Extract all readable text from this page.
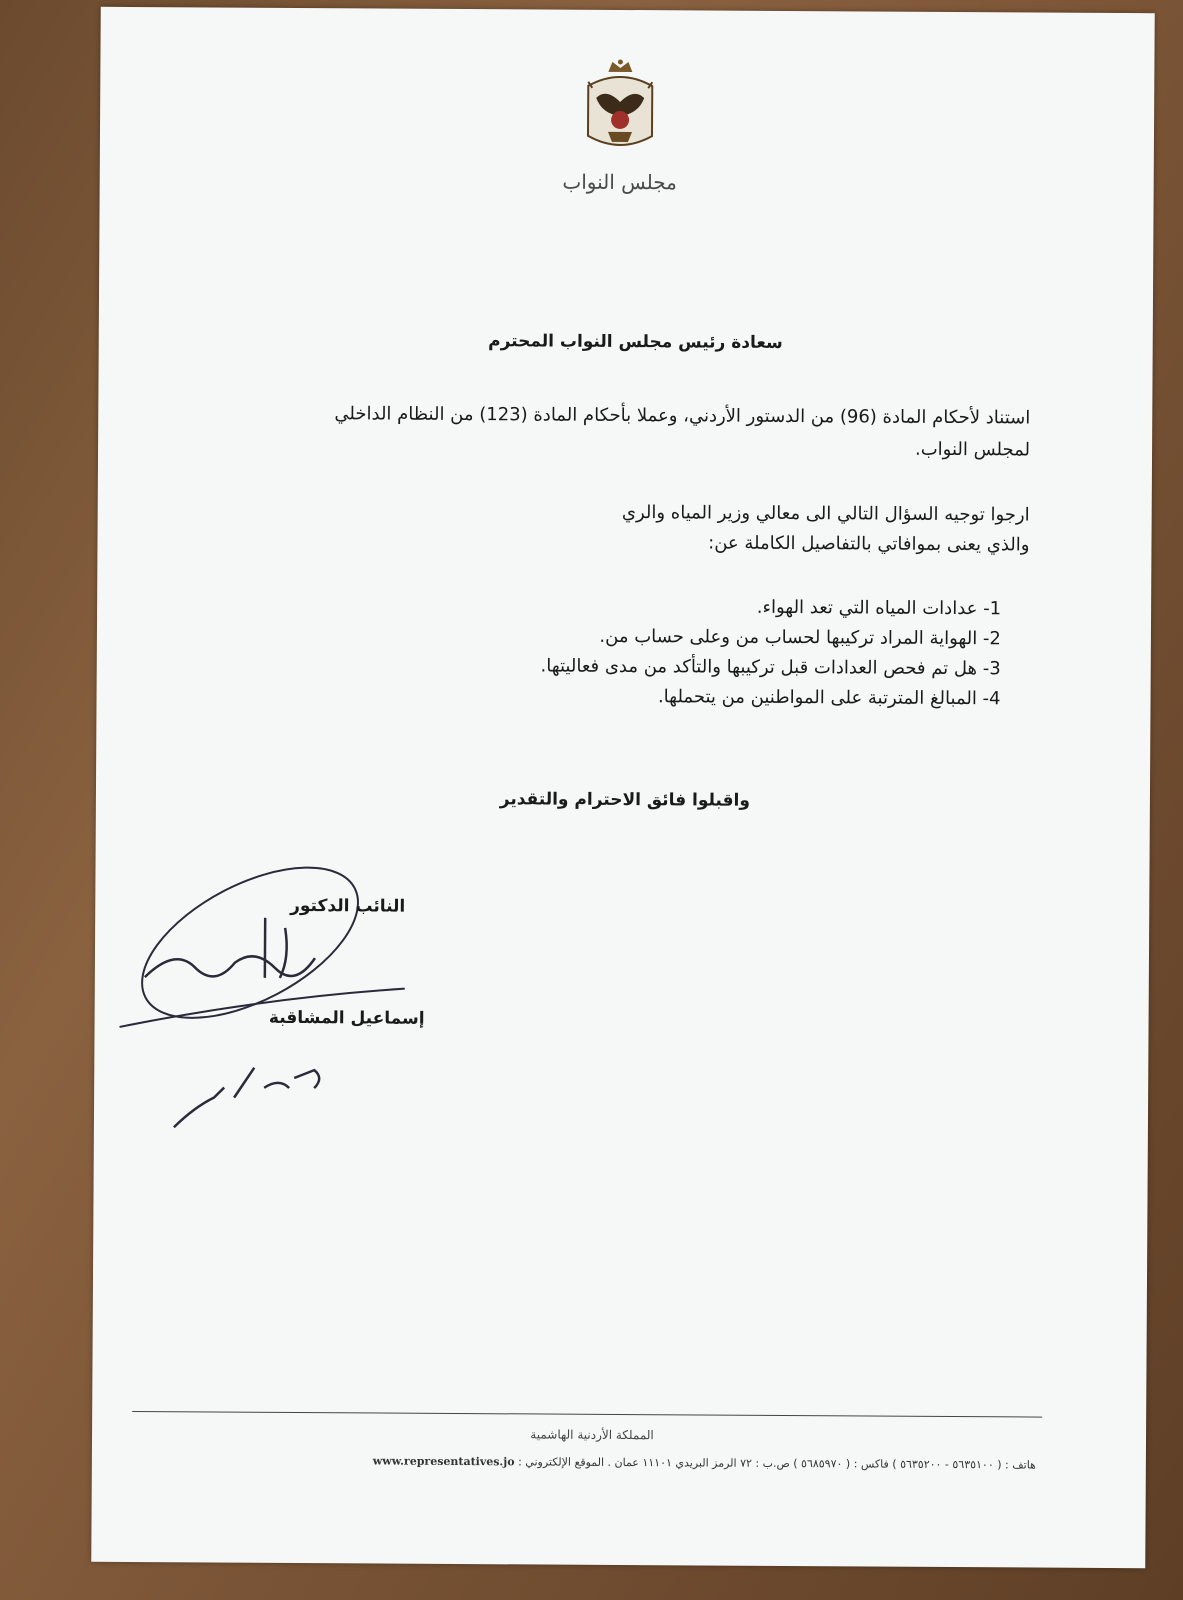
مجلس النواب
سعادة رئيس مجلس النواب المحترم
استناد لأحكام المادة (96) من الدستور الأردني، وعملا بأحكام المادة (123) من النظام الداخلي
لمجلس النواب.
ارجوا توجيه السؤال التالي الى معالي وزير المياه والري
والذي يعنى بموافاتي بالتفاصيل الكاملة عن:
1- عدادات المياه التي تعد الهواء.
2- الهواية المراد تركيبها لحساب من وعلى حساب من.
3- هل تم فحص العدادات قبل تركيبها والتأكد من مدى فعاليتها.
4- المبالغ المترتبة على المواطنين من يتحملها.
واقبلوا فائق الاحترام والتقدير
النائب الدكتور
إسماعيل المشاقبة
المملكة الأردنية الهاشمية
هاتف : ( ٥٦٣٥١٠٠ - ٥٦٣٥٢٠٠ ) فاكس : ( ٥٦٨٥٩٧٠ ) ص.ب : ٧٢ الرمز البريدي ١١١٠١ عمان . الموقع الإلكتروني : www.representatives.jo
